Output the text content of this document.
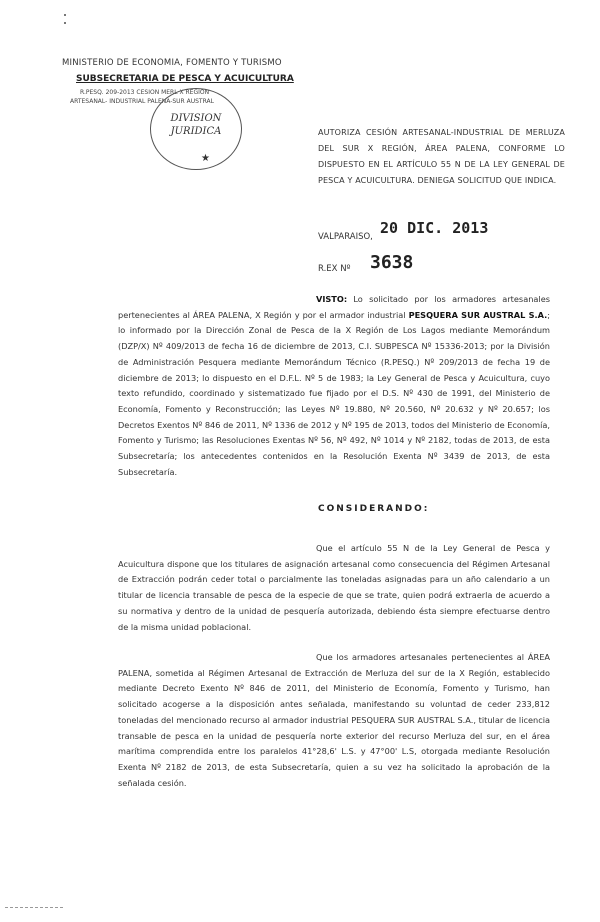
MINISTERIO DE ECONOMIA, FOMENTO Y TURISMO
SUBSECRETARIA DE PESCA Y ACUICULTURA
R.PESQ. 209-2013 CESION MERL X REGION
ARTESANAL- INDUSTRIAL PALENA-SUR AUSTRAL
DIVISION
JURIDICA
★
AUTORIZA CESIÓN ARTESANAL-INDUSTRIAL DE MERLUZA DEL SUR X REGIÓN, ÁREA PALENA, CONFORME LO DISPUESTO EN EL ARTÍCULO 55 N DE LA LEY GENERAL DE PESCA Y ACUICULTURA. DENIEGA SOLICITUD QUE INDICA.
VALPARAISO, 20 DIC. 2013
R.EX Nº 3638
VISTO: Lo solicitado por los armadores artesanales pertenecientes al ÁREA PALENA, X Región y por el armador industrial PESQUERA SUR AUSTRAL S.A.; lo informado por la Dirección Zonal de Pesca de la X Región de Los Lagos mediante Memorándum (DZP/X) Nº 409/2013 de fecha 16 de diciembre de 2013, C.I. SUBPESCA Nº 15336-2013; por la División de Administración Pesquera mediante Memorándum Técnico (R.PESQ.) Nº 209/2013 de fecha 19 de diciembre de 2013; lo dispuesto en el D.F.L. Nº 5 de 1983; la Ley General de Pesca y Acuicultura, cuyo texto refundido, coordinado y sistematizado fue fijado por el D.S. Nº 430 de 1991, del Ministerio de Economía, Fomento y Reconstrucción; las Leyes Nº 19.880, Nº 20.560, Nº 20.632 y Nº 20.657; los Decretos Exentos Nº 846 de 2011, Nº 1336 de 2012 y Nº 195 de 2013, todos del Ministerio de Economía, Fomento y Turismo; las Resoluciones Exentas Nº 56, Nº 492, Nº 1014 y Nº 2182, todas de 2013, de esta Subsecretaría; los antecedentes contenidos en la Resolución Exenta Nº 3439 de 2013, de esta Subsecretaría.
CONSIDERANDO:
Que el artículo 55 N de la Ley General de Pesca y Acuicultura dispone que los titulares de asignación artesanal como consecuencia del Régimen Artesanal de Extracción podrán ceder total o parcialmente las toneladas asignadas para un año calendario a un titular de licencia transable de pesca de la especie de que se trate, quien podrá extraerla de acuerdo a su normativa y dentro de la unidad de pesquería autorizada, debiendo ésta siempre efectuarse dentro de la misma unidad poblacional.
Que los armadores artesanales pertenecientes al ÁREA PALENA, sometida al Régimen Artesanal de Extracción de Merluza del sur de la X Región, establecido mediante Decreto Exento Nº 846 de 2011, del Ministerio de Economía, Fomento y Turismo, han solicitado acogerse a la disposición antes señalada, manifestando su voluntad de ceder 233,812 toneladas del mencionado recurso al armador industrial PESQUERA SUR AUSTRAL S.A., titular de licencia transable de pesca en la unidad de pesquería norte exterior del recurso Merluza del sur, en el área marítima comprendida entre los paralelos 41°28,6' L.S. y 47°00' L.S, otorgada mediante Resolución Exenta Nº 2182 de 2013, de esta Subsecretaría, quien a su vez ha solicitado la aprobación de la señalada cesión.
